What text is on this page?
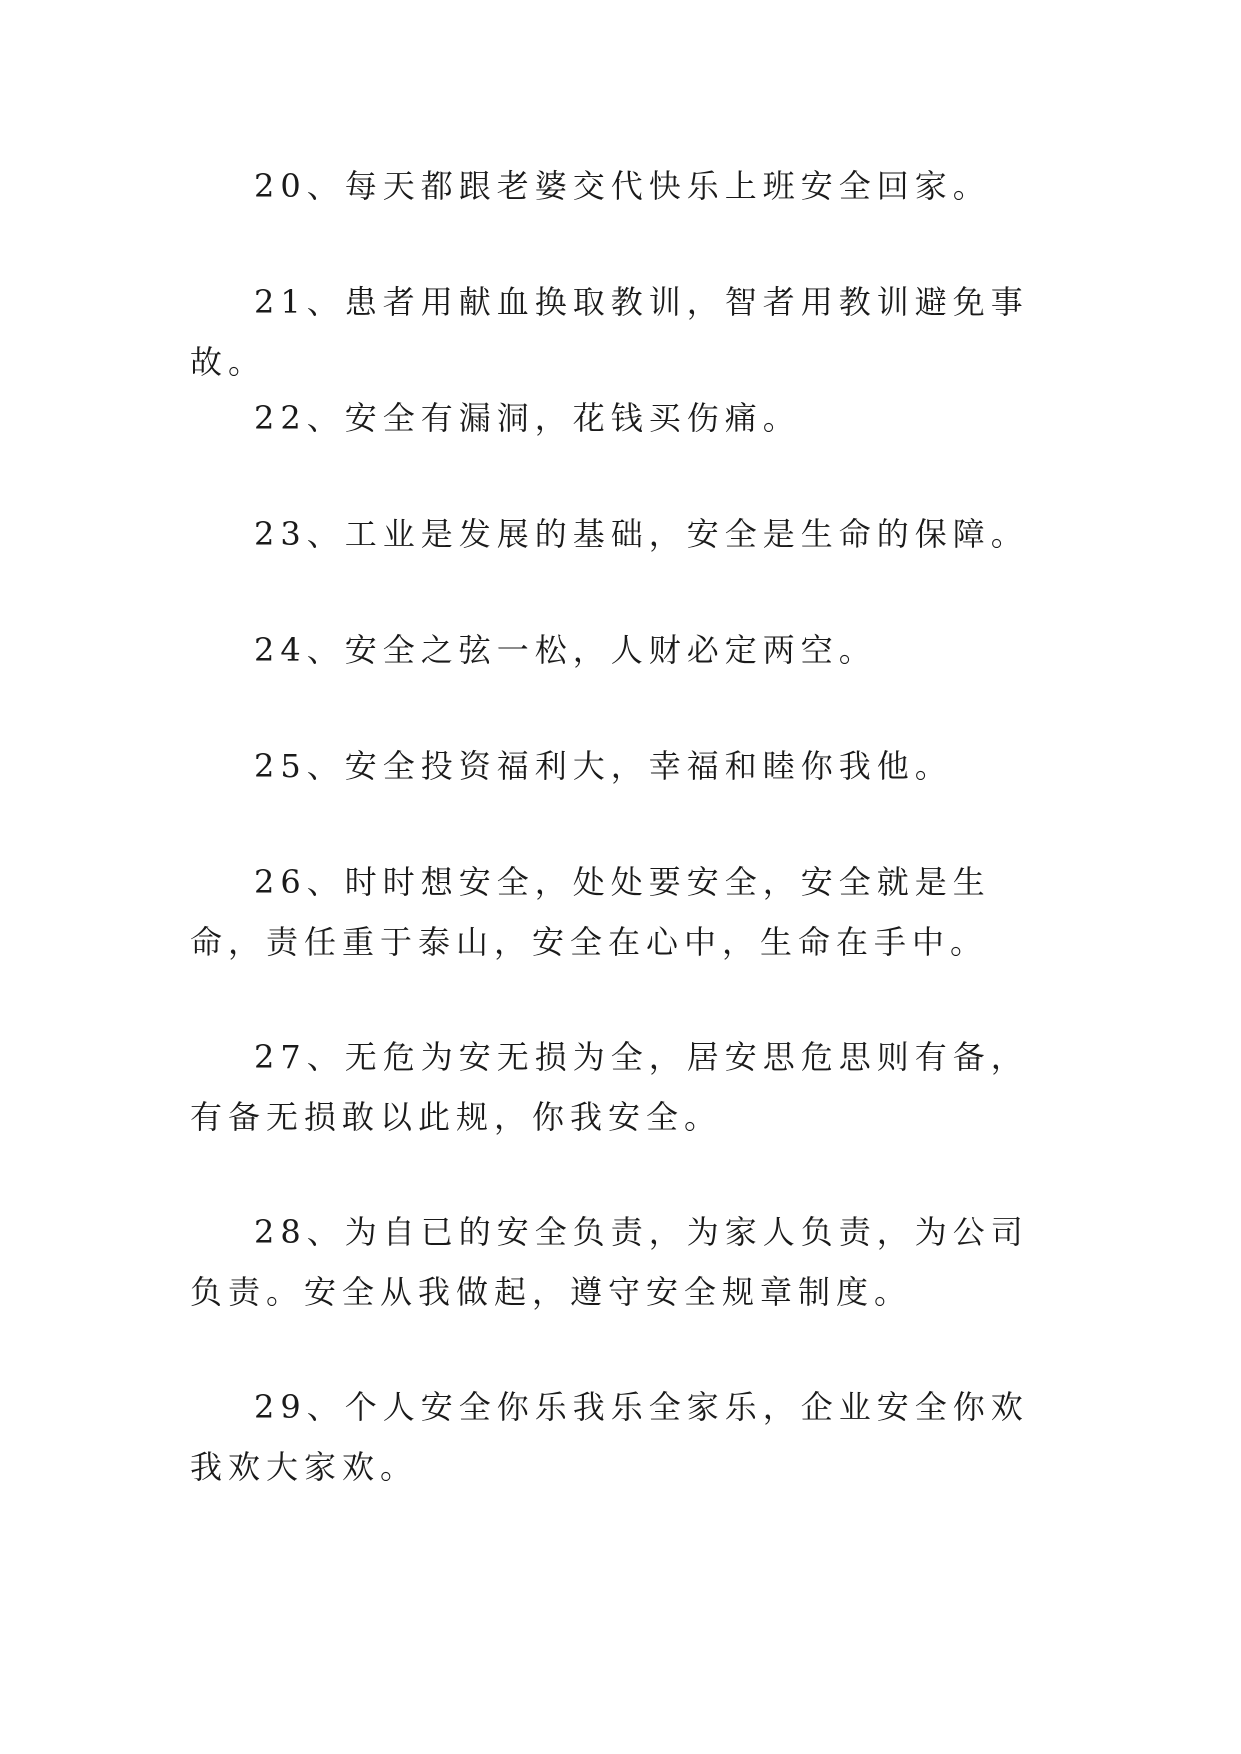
20、每天都跟老婆交代快乐上班安全回家。

21、患者用献血换取教训，智者用教训避免事故。

22、安全有漏洞，花钱买伤痛。

23、工业是发展的基础，安全是生命的保障。

24、安全之弦一松，人财必定两空。

25、安全投资福利大，幸福和睦你我他。

26、时时想安全，处处要安全，安全就是生命，责任重于泰山，安全在心中，生命在手中。

27、无危为安无损为全，居安思危思则有备，有备无损敢以此规，你我安全。

28、为自已的安全负责，为家人负责，为公司负责。安全从我做起，遵守安全规章制度。

29、个人安全你乐我乐全家乐，企业安全你欢我欢大家欢。
